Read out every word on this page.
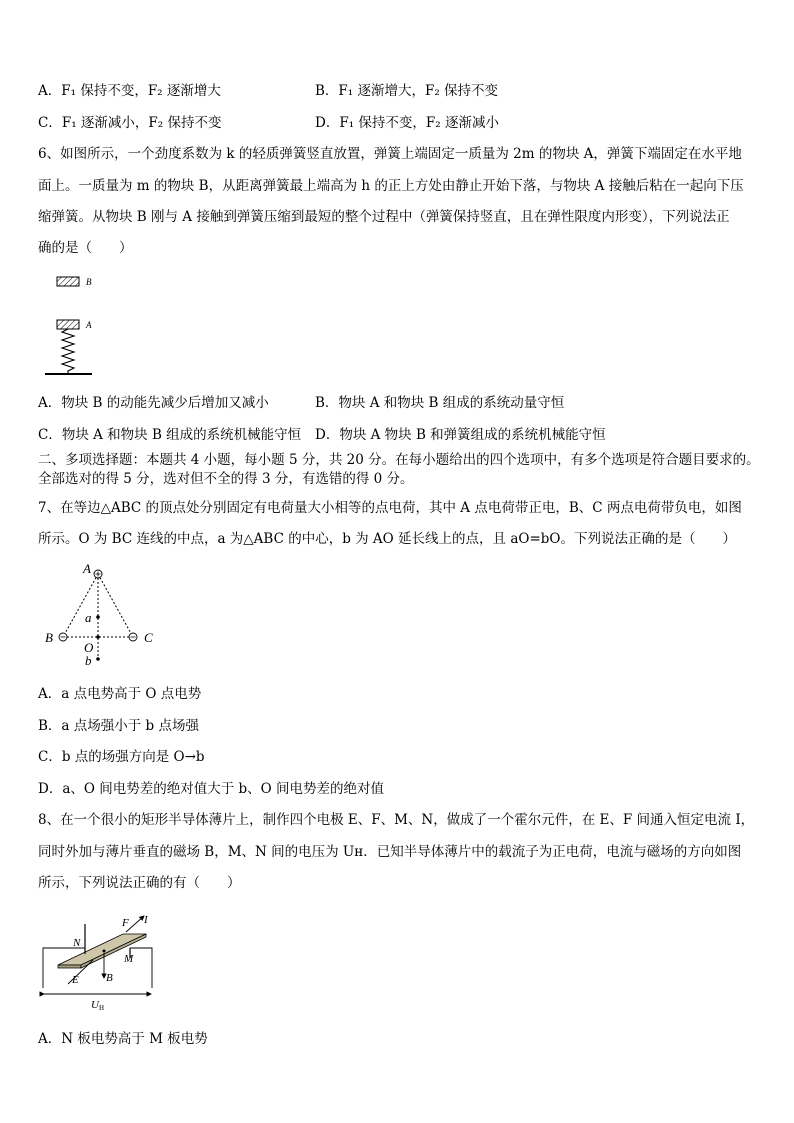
A．F₁ 保持不变，F₂ 逐渐增大	B．F₁ 逐渐增大，F₂ 保持不变
C．F₁ 逐渐减小，F₂ 保持不变	D．F₁ 保持不变，F₂ 逐渐减小
6、如图所示，一个劲度系数为 k 的轻质弹簧竖直放置，弹簧上端固定一质量为 2m 的物块 A，弹簧下端固定在水平地
面上。一质量为 m 的物块 B，从距离弹簧最上端高为 h 的正上方处由静止开始下落，与物块 A 接触后粘在一起向下压
缩弹簧。从物块 B 刚与 A 接触到弹簧压缩到最短的整个过程中（弹簧保持竖直，且在弹性限度内形变），下列说法正
确的是（　　）
B
A
A．物块 B 的动能先减少后增加又减小	B．物块 A 和物块 B 组成的系统动量守恒
C．物块 A 和物块 B 组成的系统机械能守恒 D．物块 A 物块 B 和弹簧组成的系统机械能守恒
二、多项选择题：本题共 4 小题，每小题 5 分，共 20 分。在每小题给出的四个选项中，有多个选项是符合题目要求的。
全部选对的得 5 分，选对但不全的得 3 分，有选错的得 0 分。
7、在等边△ABC 的顶点处分别固定有电荷量大小相等的点电荷，其中 A 点电荷带正电，B、C 两点电荷带负电，如图
所示。O 为 BC 连线的中点，a 为△ABC 的中心，b 为 AO 延长线上的点，且 aO=bO。下列说法正确的是（　　）
A
B	C
a
O
b
A．a 点电势高于 O 点电势
B．a 点场强小于 b 点场强
C．b 点的场强方向是 O→b
D．a、O 间电势差的绝对值大于 b、O 间电势差的绝对值
8、在一个很小的矩形半导体薄片上，制作四个电极 E、F、M、N，做成了一个霍尔元件，在 E、F 间通入恒定电流 I，
同时外加与薄片垂直的磁场 B，M、N 间的电压为 Uʜ．已知半导体薄片中的载流子为正电荷，电流与磁场的方向如图
所示，下列说法正确的有（　　）
F I
N
M
B
E
UH
A．N 板电势高于 M 板电势
